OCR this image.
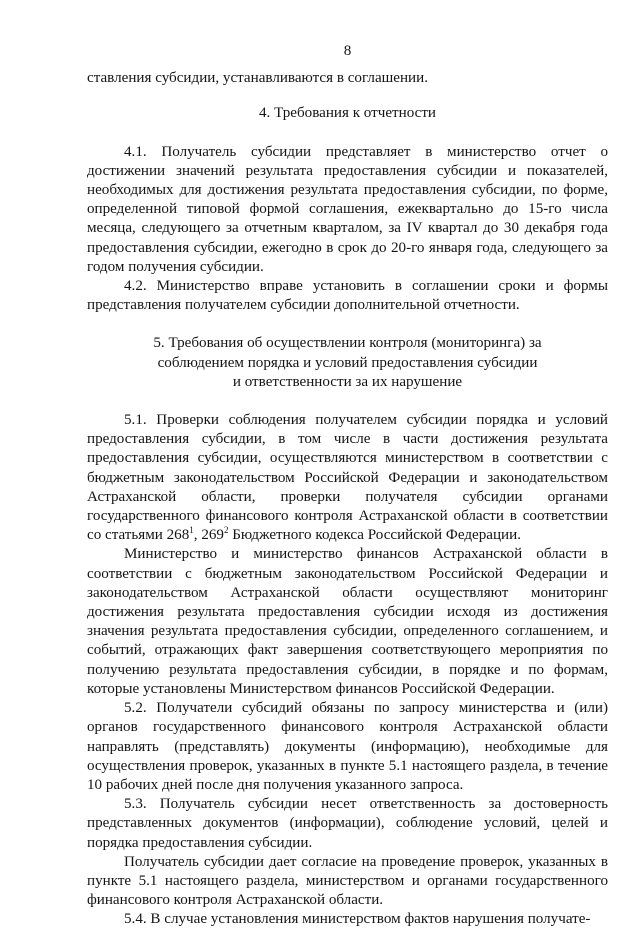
8

ставления субсидии, устанавливаются в соглашении.

4. Требования к отчетности

4.1. Получатель субсидии представляет в министерство отчет о достижении значений результата предоставления субсидии и показателей, необходимых для достижения результата предоставления субсидии, по форме, определенной типовой формой соглашения, ежеквартально до 15-го числа месяца, следующего за отчетным кварталом, за IV квартал до 30 декабря года предоставления субсидии, ежегодно в срок до 20-го января года, следующего за годом получения субсидии.

4.2. Министерство вправе установить в соглашении сроки и формы представления получателем субсидии дополнительной отчетности.

5. Требования об осуществлении контроля (мониторинга) за

соблюдением порядка и условий предоставления субсидии

и ответственности за их нарушение

5.1. Проверки соблюдения получателем субсидии порядка и условий предоставления субсидии, в том числе в части достижения результата предоставления субсидии, осуществляются министерством в соответствии с бюджетным законодательством Российской Федерации и законодательством Астраханской области, проверки получателя субсидии органами государственного финансового контроля Астраханской области в соответствии со статьями $268^1$, $269^2$ Бюджетного кодекса Российской Федерации.

Министерство и министерство финансов Астраханской области в соответствии с бюджетным законодательством Российской Федерации и законодательством Астраханской области осуществляют мониторинг достижения результата предоставления субсидии исходя из достижения значения результата предоставления субсидии, определенного соглашением, и событий, отражающих факт завершения соответствующего мероприятия по получению результата предоставления субсидии, в порядке и по формам, которые установлены Министерством финансов Российской Федерации.

5.2. Получатели субсидий обязаны по запросу министерства и (или) органов государственного финансового контроля Астраханской области направлять (представлять) документы (информацию), необходимые для осуществления проверок, указанных в пункте 5.1 настоящего раздела, в течение 10 рабочих дней после дня получения указанного запроса.

5.3. Получатель субсидии несет ответственность за достоверность представленных документов (информации), соблюдение условий, целей и порядка предоставления субсидии.

Получатель субсидии дает согласие на проведение проверок, указанных в пункте 5.1 настоящего раздела, министерством и органами государственного финансового контроля Астраханской области.

5.4. В случае установления министерством фактов нарушения получате-
